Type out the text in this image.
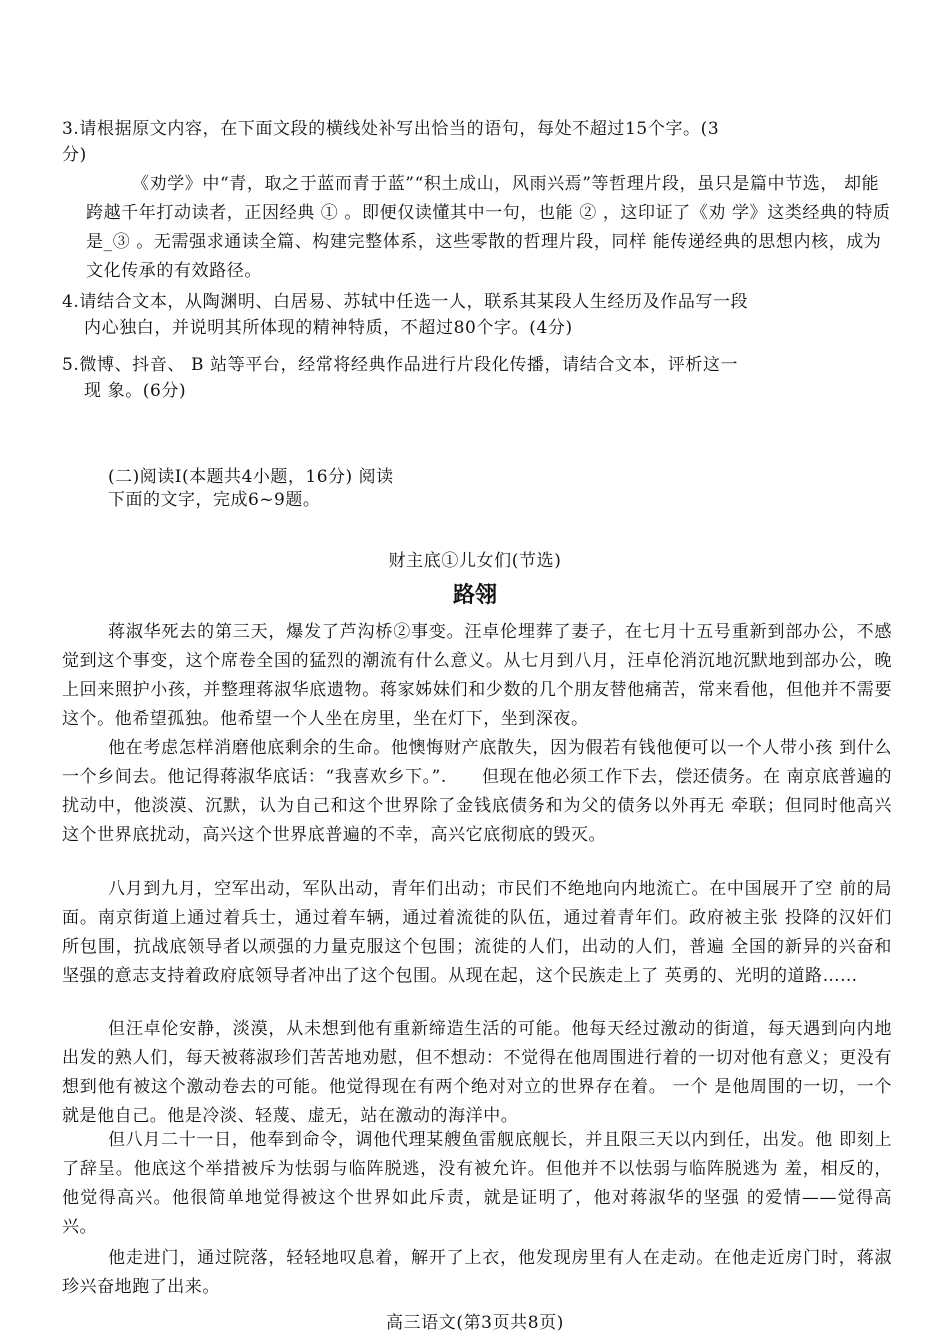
3.请根据原文内容，在下面文段的横线处补写出恰当的语句，每处不超过15个字。(3
分)
《劝学》中“青，取之于蓝而青于蓝”“积土成山，风雨兴焉”等哲理片段，虽只是篇中节选， 却能跨越千年打动读者，正因经典 ① 。即便仅读懂其中一句，也能 ② ，这印证了《劝 学》这类经典的特质是_③ 。无需强求通读全篇、构建完整体系，这些零散的哲理片段，同样 能传递经典的思想内核，成为文化传承的有效路径。
4.请结合文本，从陶渊明、白居易、苏轼中任选一人，联系其某段人生经历及作品写一段
内心独白，并说明其所体现的精神特质，不超过80个字。(4分)
5.微博、抖音、 B 站等平台，经常将经典作品进行片段化传播，请结合文本，评析这一
现 象。(6分)
(二)阅读Ⅰ(本题共4小题，16分) 阅读下面的文字，完成6~9题。
财主底①儿女们(节选)
路翎
蒋淑华死去的第三天，爆发了芦沟桥②事变。汪卓伦埋葬了妻子，在七月十五号重新到部办公，不感觉到这个事变，这个席卷全国的猛烈的潮流有什么意义。从七月到八月，汪卓伦消沉地沉默地到部办公，晚上回来照护小孩，并整理蒋淑华底遗物。蒋家姊妹们和少数的几个朋友替他痛苦，常来看他，但他并不需要这个。他希望孤独。他希望一个人坐在房里，坐在灯下，坐到深夜。
他在考虑怎样消磨他底剩余的生命。他懊悔财产底散失，因为假若有钱他便可以一个人带小孩 到什么一个乡间去。他记得蒋淑华底话：“我喜欢乡下。”.　　但现在他必须工作下去，偿还债务。在 南京底普遍的扰动中，他淡漠、沉默，认为自己和这个世界除了金钱底债务和为父的债务以外再无 牵联；但同时他高兴这个世界底扰动，高兴这个世界底普遍的不幸，高兴它底彻底的毁灭。
八月到九月，空军出动，军队出动，青年们出动；市民们不绝地向内地流亡。在中国展开了空 前的局面。南京街道上通过着兵士，通过着车辆，通过着流徙的队伍，通过着青年们。政府被主张 投降的汉奸们所包围，抗战底领导者以顽强的力量克服这个包围；流徙的人们，出动的人们，普遍 全国的新异的兴奋和坚强的意志支持着政府底领导者冲出了这个包围。从现在起，这个民族走上了 英勇的、光明的道路……
但汪卓伦安静，淡漠，从未想到他有重新缔造生活的可能。他每天经过激动的街道，每天遇到向内地出发的熟人们，每天被蒋淑珍们苦苦地劝慰，但不想动：不觉得在他周围进行着的一切对他有意义；更没有想到他有被这个激动卷去的可能。他觉得现在有两个绝对对立的世界存在着。 一个 是他周围的一切，一个就是他自己。他是冷淡、轻蔑、虚无，站在激动的海洋中。
但八月二十一日，他奉到命令，调他代理某艘鱼雷舰底舰长，并且限三天以内到任，出发。他 即刻上了辞呈。他底这个举措被斥为怯弱与临阵脱逃，没有被允许。但他并不以怯弱与临阵脱逃为 羞，相反的，他觉得高兴。他很简单地觉得被这个世界如此斥责，就是证明了，他对蒋淑华的坚强 的爱情——觉得高兴。
他走进门，通过院落，轻轻地叹息着，解开了上衣，他发现房里有人在走动。在他走近房门时，蒋淑珍兴奋地跑了出来。
高三语文(第3页共8页)
